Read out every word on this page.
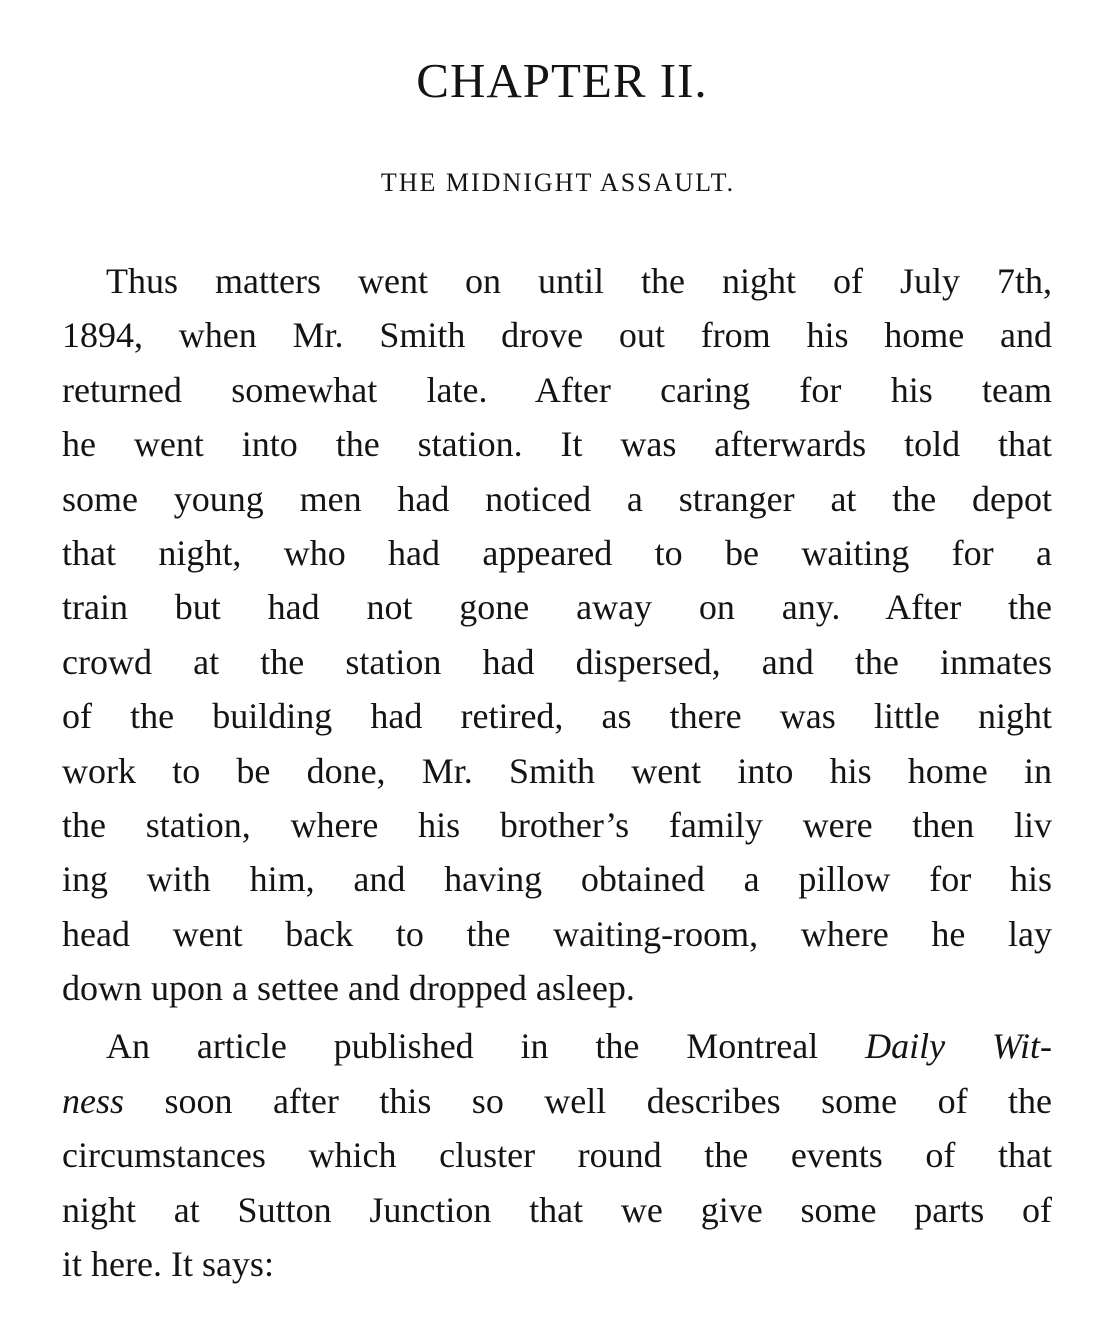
CHAPTER II.
THE MIDNIGHT ASSAULT.
Thus matters went on until the night of July 7th,
1894, when Mr. Smith drove out from his home and
returned somewhat late. After caring for his team
he went into the station. It was afterwards told that
some young men had noticed a stranger at the depot
that night, who had appeared to be waiting for a
train but had not gone away on any. After the
crowd at the station had dispersed, and the inmates
of the building had retired, as there was little night
work to be done, Mr. Smith went into his home in
the station, where his brother’s family were then liv
ing with him, and having obtained a pillow for his
head went back to the waiting-room, where he lay
down upon a settee and dropped asleep.
An article published in the Montreal Daily Wit-
ness soon after this so well describes some of the
circumstances which cluster round the events of that
night at Sutton Junction that we give some parts of
it here. It says:
